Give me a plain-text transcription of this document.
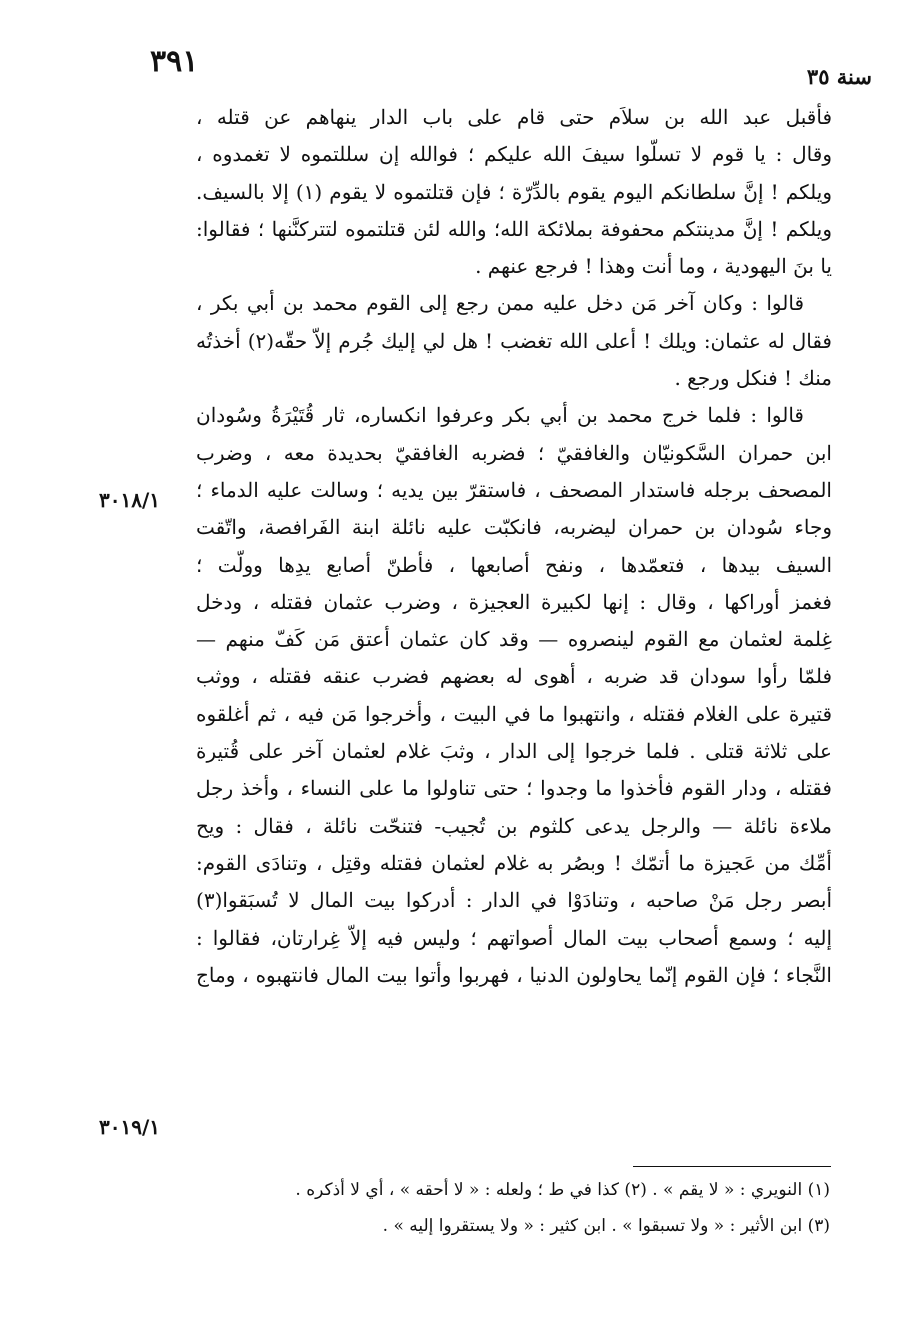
٣٩١	سنة ٣٥
٣٠١٨/١
٣٠١٩/١
فأقبل عبد الله بن سلاَم حتى قام على باب الدار ينهاهم عن قتله ،
وقال : يا قوم لا تسلّوا سيفَ الله عليكم ؛ فوالله إن سللتموه لا تغمدوه ،
ويلكم ! إنَّ سلطانكم اليوم يقوم بالدِّرّة ؛ فإن قتلتموه لا يقوم (١) إلا بالسيف.
ويلكم ! إنَّ مدينتكم محفوفة بملائكة الله؛ والله لئن قتلتموه لتتركنَّنها ؛ فقالوا:
يا بنَ اليهودية ، وما أنت وهذا ! فرجع عنهم .
قالوا : وكان آخر مَن دخل عليه ممن رجع إلى القوم محمد بن أبي بكر ،
فقال له عثمان: ويلك ! أعلى الله تغضب ! هل لي إليك جُرم إلاّ حقّه(٢) أخذتُه
منك ! فنكل ورجع .
قالوا : فلما خرج محمد بن أبي بكر وعرفوا انكساره، ثار قُتَيْرَةُ وسُودان
ابن حمران السَّكونيّان والغافقيّ ؛ فضربه الغافقيّ بحديدة معه ، وضرب
المصحف برجله فاستدار المصحف ، فاستقرّ بين يديه ؛ وسالت عليه الدماء ؛
وجاء سُودان بن حمران ليضربه، فانكبّت عليه نائلة ابنة الفَرافصة، واتّقت
السيف بيدها ، فتعمّدها ، ونفح أصابعها ، فأطنّ أصابع يدِها وولّت ؛
فغمز أوراكها ، وقال : إنها لكبيرة العجيزة ، وضرب عثمان فقتله ، ودخل
غِلمة لعثمان مع القوم لينصروه — وقد كان عثمان أعتق مَن كَفّ منهم —
فلمّا رأوا سودان قد ضربه ، أهوى له بعضهم فضرب عنقه فقتله ، ووثب
قتيرة على الغلام فقتله ، وانتهبوا ما في البيت ، وأخرجوا مَن فيه ، ثم أغلقوه
على ثلاثة قتلى . فلما خرجوا إلى الدار ، وثبَ غلام لعثمان آخر على قُتيرة
فقتله ، ودار القوم فأخذوا ما وجدوا ؛ حتى تناولوا ما على النساء ، وأخذ رجل
ملاءة نائلة — والرجل يدعى كلثوم بن تُجيب- فتنحّت نائلة ، فقال : ويح
أمِّك من عَجيزة ما أتمّك ! وبصُر به غلام لعثمان فقتله وقتِل ، وتنادَى القوم:
أبصر رجل مَنْ صاحبه ، وتنادَوْا في الدار : أدركوا بيت المال لا تُسبَقوا(٣)
إليه ؛ وسمع أصحاب بيت المال أصواتهم ؛ وليس فيه إلاّ غِرارتان، فقالوا :
النَّجاء ؛ فإن القوم إنّما يحاولون الدنيا ، فهربوا وأتوا بيت المال فانتهبوه ، وماج
(١) النويري : « لا يقم » . (٢) كذا في ط ؛ ولعله : « لا أحقه » ، أي لا أذكره .
(٣) ابن الأثير : « ولا تسبقوا » . ابن كثير : « ولا يستقروا إليه » .
